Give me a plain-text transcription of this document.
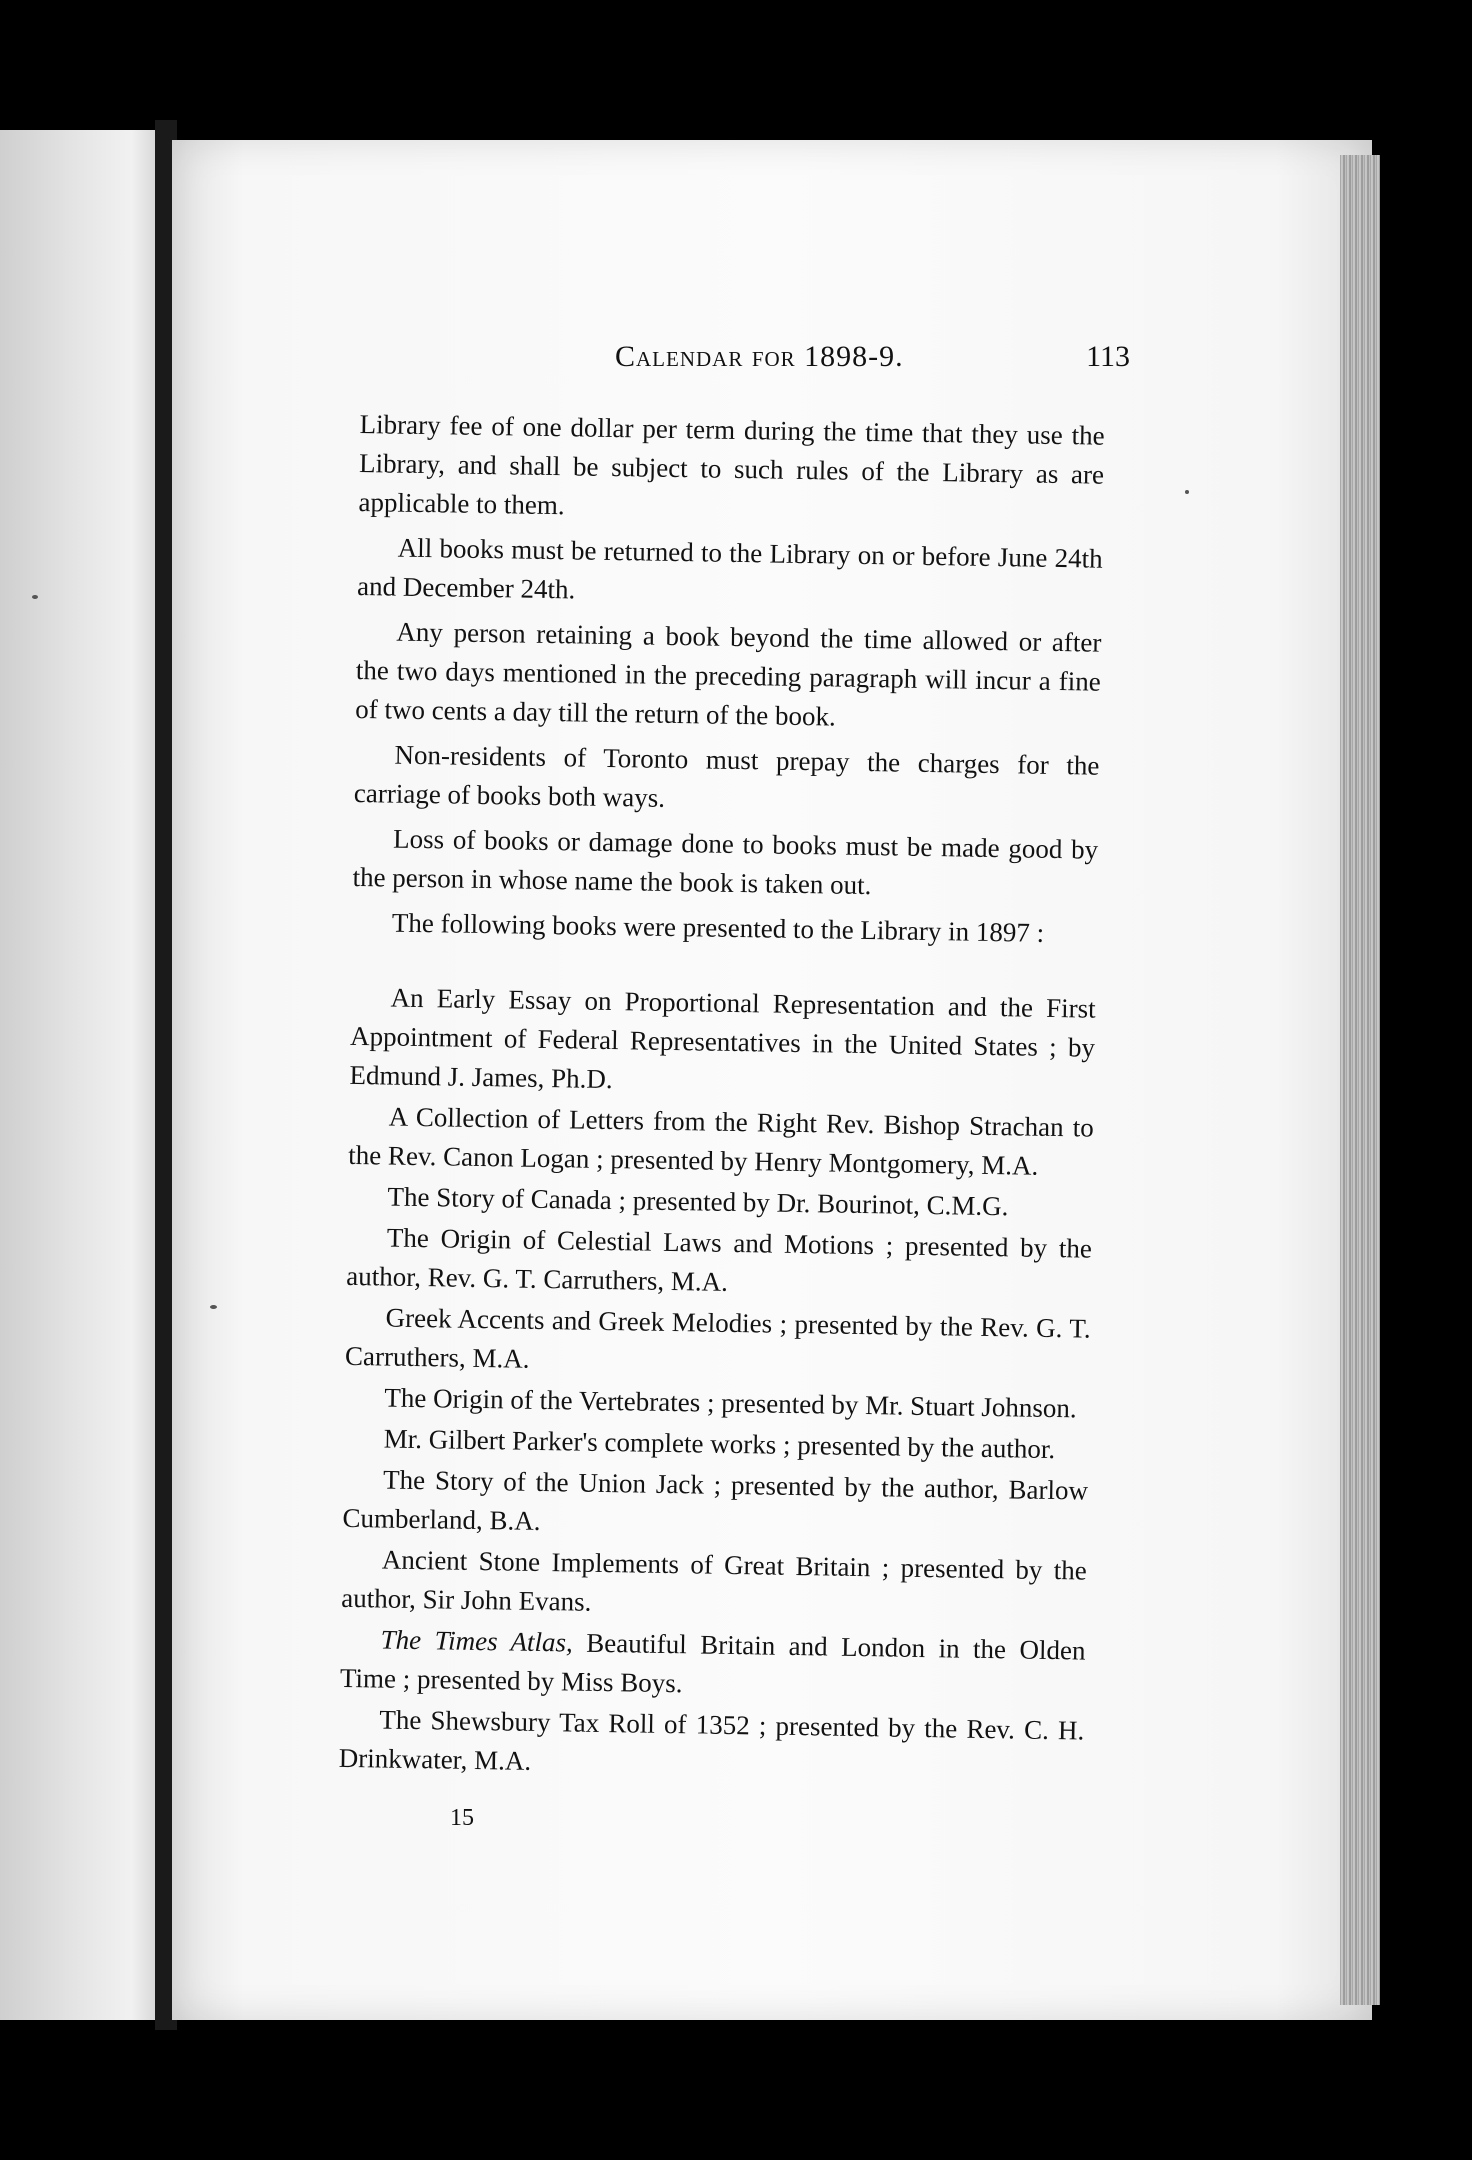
Calendar for 1898-9.	113

Library fee of one dollar per term during the time that they use the Library, and shall be subject to such rules of the Library as are applicable to them.

All books must be returned to the Library on or before June 24th and December 24th.

Any person retaining a book beyond the time allowed or after the two days mentioned in the preceding paragraph will incur a fine of two cents a day till the return of the book.

Non-residents of Toronto must prepay the charges for the carriage of books both ways.

Loss of books or damage done to books must be made good by the person in whose name the book is taken out.

The following books were presented to the Library in 1897 :

An Early Essay on Proportional Representation and the First Appointment of Federal Representatives in the United States ; by Edmund J. James, Ph.D.

A Collection of Letters from the Right Rev. Bishop Strachan to the Rev. Canon Logan ; presented by Henry Montgomery, M.A.

The Story of Canada ; presented by Dr. Bourinot, C.M.G.

The Origin of Celestial Laws and Motions ; presented by the author, Rev. G. T. Carruthers, M.A.

Greek Accents and Greek Melodies ; presented by the Rev. G. T. Carruthers, M.A.

The Origin of the Vertebrates ; presented by Mr. Stuart Johnson.

Mr. Gilbert Parker's complete works ; presented by the author.

The Story of the Union Jack ; presented by the author, Barlow Cumberland, B.A.

Ancient Stone Implements of Great Britain ; presented by the author, Sir John Evans.

The Times Atlas, Beautiful Britain and London in the Olden Time ; presented by Miss Boys.

The Shewsbury Tax Roll of 1352 ; presented by the Rev. C. H. Drinkwater, M.A.

15
